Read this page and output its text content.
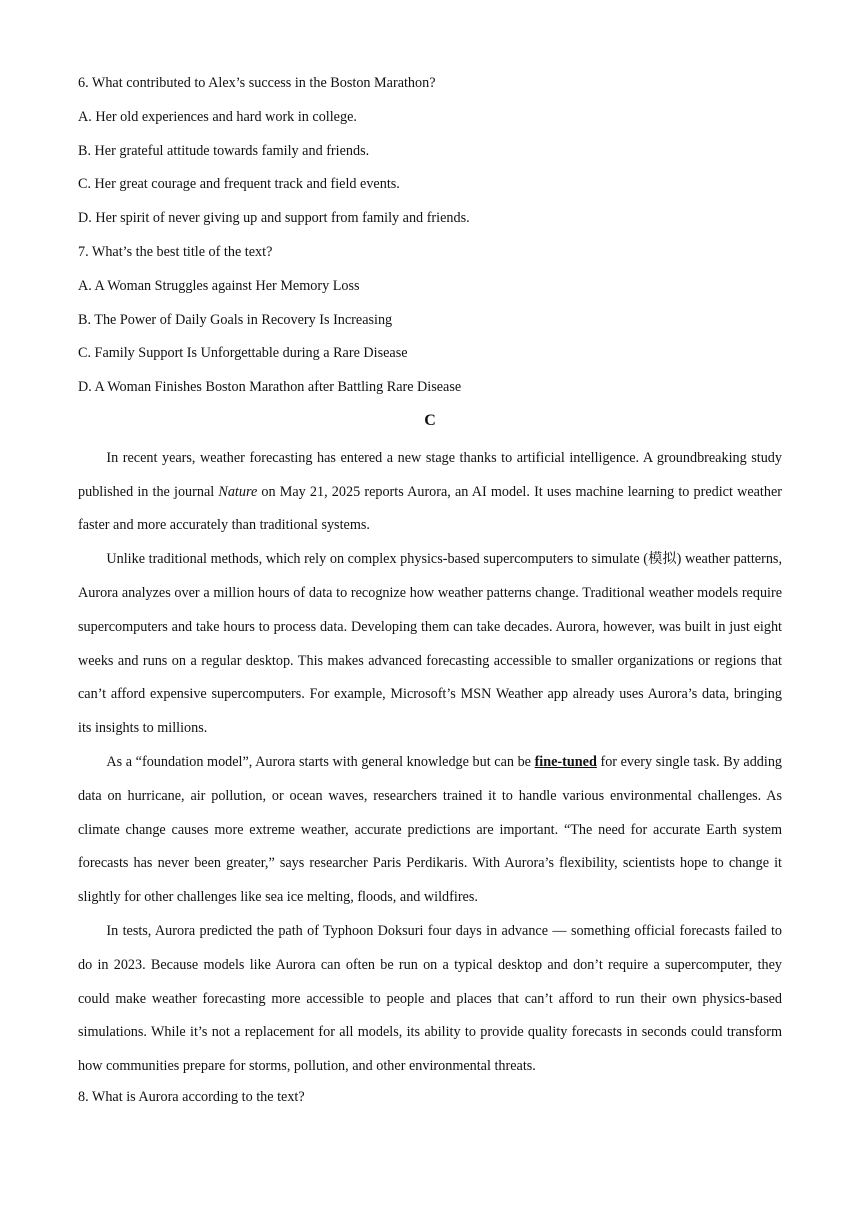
6. What contributed to Alex’s success in the Boston Marathon?

A. Her old experiences and hard work in college.

B. Her grateful attitude towards family and friends.

C. Her great courage and frequent track and field events.

D. Her spirit of never giving up and support from family and friends.

7. What’s the best title of the text?

A. A Woman Struggles against Her Memory Loss

B. The Power of Daily Goals in Recovery Is Increasing

C. Family Support Is Unforgettable during a Rare Disease

D. A Woman Finishes Boston Marathon after Battling Rare Disease

C

In recent years, weather forecasting has entered a new stage thanks to artificial intelligence. A groundbreaking study published in the journal Nature on May 21, 2025 reports Aurora, an AI model. It uses machine learning to predict weather faster and more accurately than traditional systems.

Unlike traditional methods, which rely on complex physics-based supercomputers to simulate (模拟) weather patterns, Aurora analyzes over a million hours of data to recognize how weather patterns change. Traditional weather models require supercomputers and take hours to process data. Developing them can take decades. Aurora, however, was built in just eight weeks and runs on a regular desktop. This makes advanced forecasting accessible to smaller organizations or regions that can’t afford expensive supercomputers. For example, Microsoft’s MSN Weather app already uses Aurora’s data, bringing its insights to millions.

As a “foundation model”, Aurora starts with general knowledge but can be fine-tuned for every single task. By adding data on hurricane, air pollution, or ocean waves, researchers trained it to handle various environmental challenges. As climate change causes more extreme weather, accurate predictions are important. “The need for accurate Earth system forecasts has never been greater,” says researcher Paris Perdikaris. With Aurora’s flexibility, scientists hope to change it slightly for other challenges like sea ice melting, floods, and wildfires.

In tests, Aurora predicted the path of Typhoon Doksuri four days in advance — something official forecasts failed to do in 2023. Because models like Aurora can often be run on a typical desktop and don’t require a supercomputer, they could make weather forecasting more accessible to people and places that can’t afford to run their own physics-based simulations. While it’s not a replacement for all models, its ability to provide quality forecasts in seconds could transform how communities prepare for storms, pollution, and other environmental threats.

8. What is Aurora according to the text?
